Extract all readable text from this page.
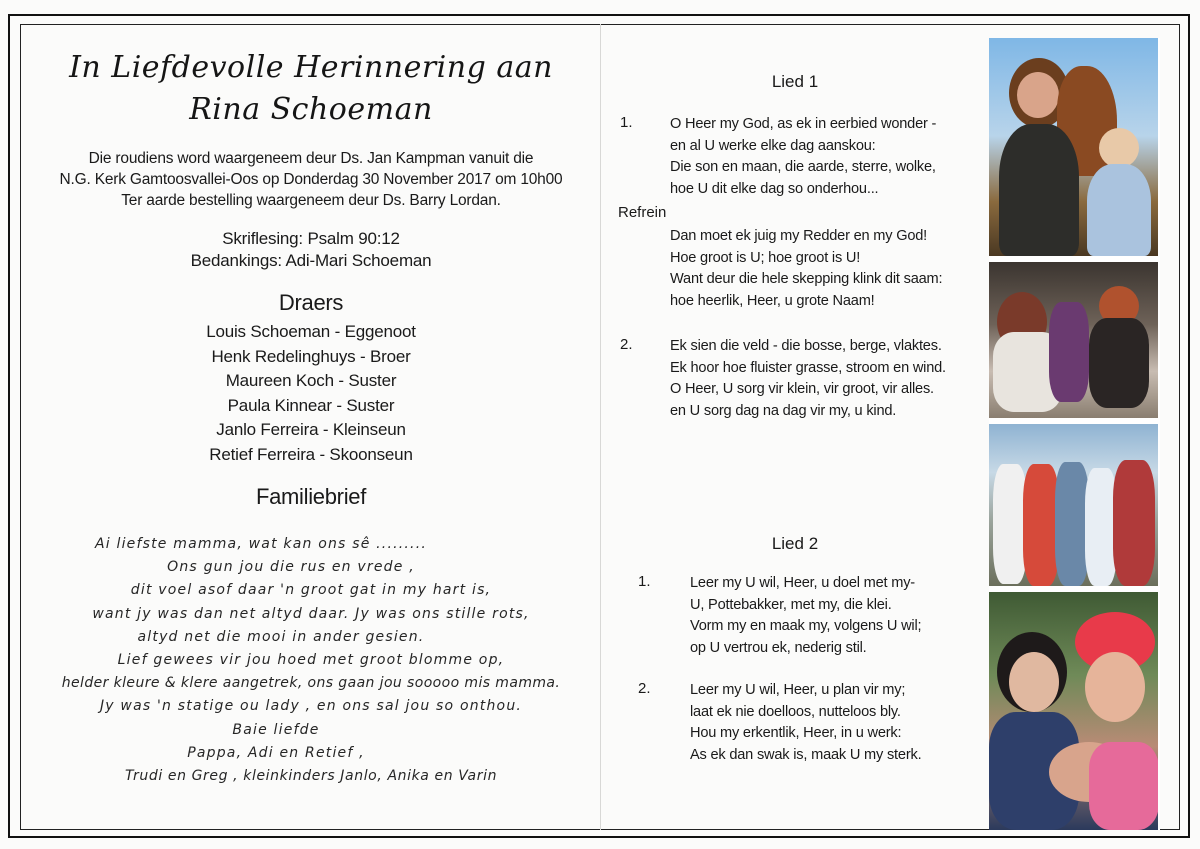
In Liefdevolle Herinnering aan
Rina Schoeman
Die roudiens word waargeneem deur Ds. Jan Kampman vanuit die
N.G. Kerk Gamtoosvallei-Oos op Donderdag 30 November 2017 om 10h00
Ter aarde bestelling waargeneem deur Ds. Barry Lordan.
Skriflesing: Psalm 90:12
Bedankings: Adi-Mari Schoeman
Draers
Louis Schoeman - Eggenoot
Henk Redelinghuys - Broer
Maureen Koch - Suster
Paula Kinnear - Suster
Janlo Ferreira - Kleinseun
Retief Ferreira - Skoonseun
Familiebrief
Ai liefste mamma, wat kan ons sê .........
Ons gun jou die rus en vrede ,
dit voel asof daar 'n groot gat in my hart is,
want jy was dan net altyd daar. Jy was ons stille rots,
altyd net die mooi in ander gesien.
Lief gewees vir jou hoed met groot blomme op,
helder kleure & klere aangetrek, ons gaan jou sooooo mis mamma.
Jy was 'n statige ou lady , en ons sal jou so onthou.
Baie liefde
Pappa, Adi en Retief ,
Trudi en Greg , kleinkinders Janlo, Anika en Varin
Lied 1
1.	O Heer my God, as ek in eerbied wonder -
en al U werke elke dag aanskou:
Die son en maan, die aarde, sterre, wolke,
hoe U dit elke dag so onderhou...
Refrein
Dan moet ek juig my Redder en my God!
Hoe groot is U; hoe groot is U!
Want deur die hele skepping klink dit saam:
hoe heerlik, Heer, u grote Naam!
2.	Ek sien die veld - die bosse, berge, vlaktes.
Ek hoor hoe fluister grasse, stroom en wind.
O Heer, U sorg vir klein, vir groot, vir alles.
en U sorg dag na dag vir my, u kind.
Lied 2
1.	Leer my U wil, Heer, u doel met my-
U, Pottebakker, met my, die klei.
Vorm my en maak my, volgens U wil;
op U vertrou ek, nederig stil.
2.	Leer my U wil, Heer, u plan vir my;
laat ek nie doelloos, nutteloos bly.
Hou my erkentlik, Heer, in u werk:
As ek dan swak is, maak U my sterk.
